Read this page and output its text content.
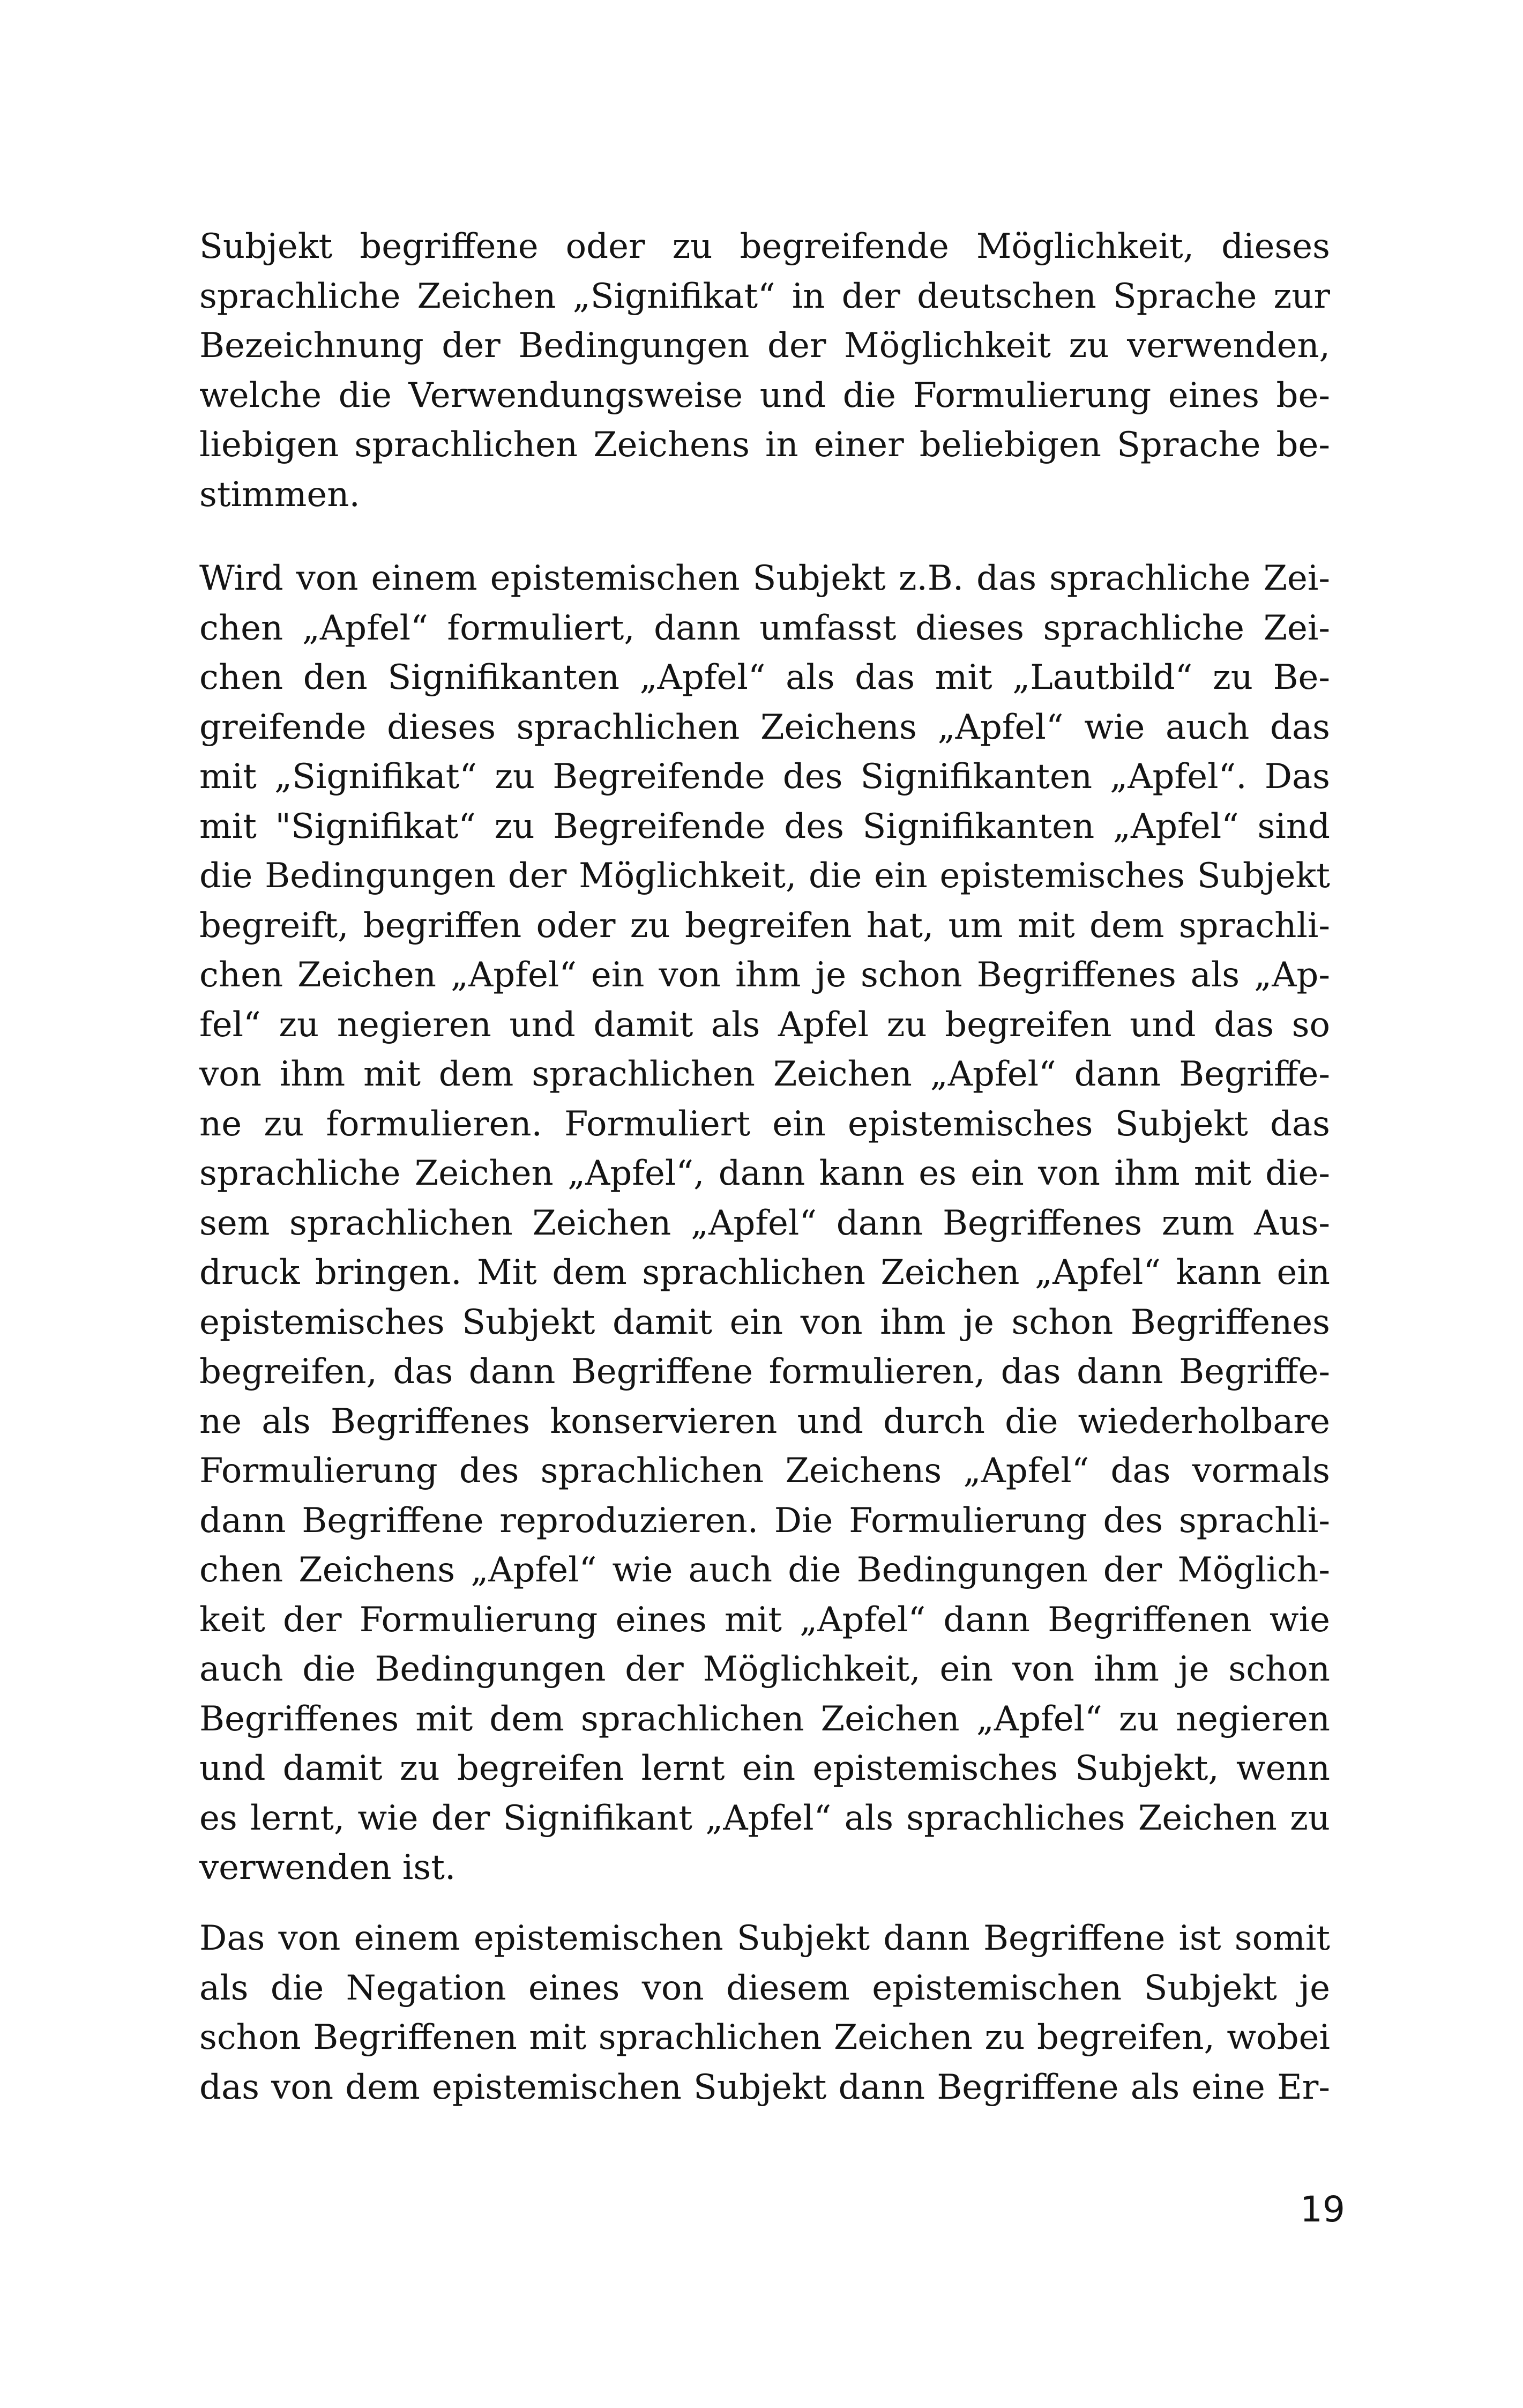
Subjekt begriffene oder zu begreifende Möglichkeit, dieses
sprachliche Zeichen „Signifikat“ in der deutschen Sprache zur
Bezeichnung der Bedingungen der Möglichkeit zu verwenden,
welche die Verwendungsweise und die Formulierung eines be-
liebigen sprachlichen Zeichens in einer beliebigen Sprache be-
stimmen.
Wird von einem epistemischen Subjekt z.B. das sprachliche Zei-
chen „Apfel“ formuliert, dann umfasst dieses sprachliche Zei-
chen den Signifikanten „Apfel“ als das mit „Lautbild“ zu Be-
greifende dieses sprachlichen Zeichens „Apfel“ wie auch das
mit „Signifikat“ zu Begreifende des Signifikanten „Apfel“. Das
mit "Signifikat“ zu Begreifende des Signifikanten „Apfel“ sind
die Bedingungen der Möglichkeit, die ein epistemisches Subjekt
begreift, begriffen oder zu begreifen hat, um mit dem sprachli-
chen Zeichen „Apfel“ ein von ihm je schon Begriffenes als „Ap-
fel“ zu negieren und damit als Apfel zu begreifen und das so
von ihm mit dem sprachlichen Zeichen „Apfel“ dann Begriffe-
ne zu formulieren. Formuliert ein epistemisches Subjekt das
sprachliche Zeichen „Apfel“, dann kann es ein von ihm mit die-
sem sprachlichen Zeichen „Apfel“ dann Begriffenes zum Aus-
druck bringen. Mit dem sprachlichen Zeichen „Apfel“ kann ein
epistemisches Subjekt damit ein von ihm je schon Begriffenes
begreifen, das dann Begriffene formulieren, das dann Begriffe-
ne als Begriffenes konservieren und durch die wiederholbare
Formulierung des sprachlichen Zeichens „Apfel“ das vormals
dann Begriffene reproduzieren. Die Formulierung des sprachli-
chen Zeichens „Apfel“ wie auch die Bedingungen der Möglich-
keit der Formulierung eines mit „Apfel“ dann Begriffenen wie
auch die Bedingungen der Möglichkeit, ein von ihm je schon
Begriffenes mit dem sprachlichen Zeichen „Apfel“ zu negieren
und damit zu begreifen lernt ein epistemisches Subjekt, wenn
es lernt, wie der Signifikant „Apfel“ als sprachliches Zeichen zu
verwenden ist.
Das von einem epistemischen Subjekt dann Begriffene ist somit
als die Negation eines von diesem epistemischen Subjekt je
schon Begriffenen mit sprachlichen Zeichen zu begreifen, wobei
das von dem epistemischen Subjekt dann Begriffene als eine Er-
19
